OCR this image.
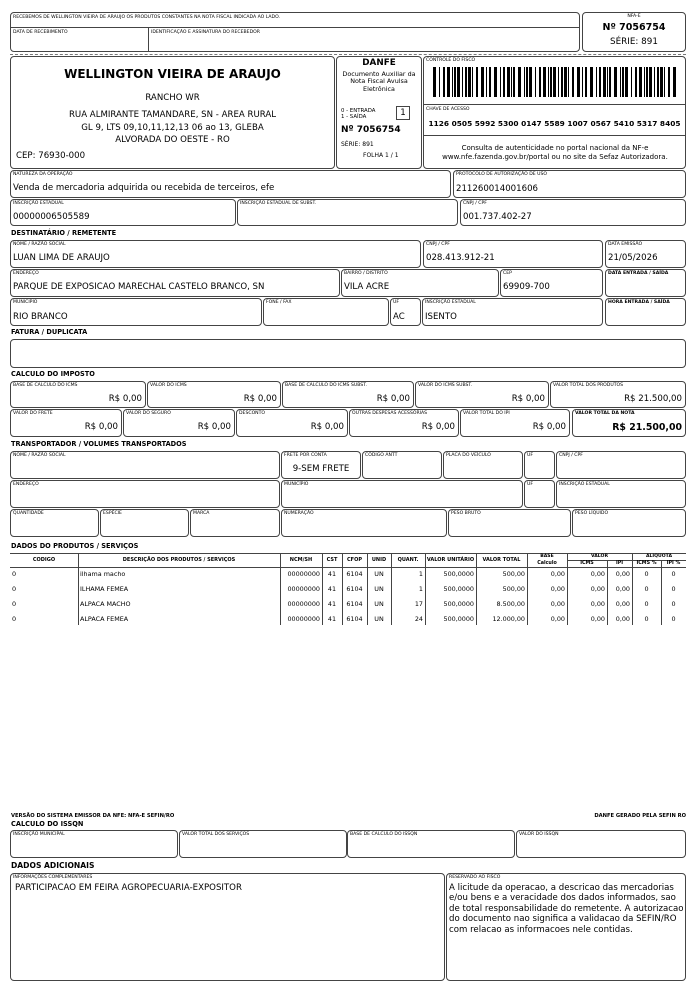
RECEBEMOS DE WELLINGTON VIEIRA DE ARAUJO OS PRODUTOS CONSTANTES NA NOTA FISCAL INDICADA AO LADO.
DATA DE RECEBIMENTO	IDENTIFICAÇÃO E ASSINATURA DO RECEBEDOR
NFA-E
Nº 7056754
SÉRIE: 891
WELLINGTON VIEIRA DE ARAUJO
RANCHO WR
RUA ALMIRANTE TAMANDARE, SN - AREA RURAL
GL 9, LTS 09,10,11,12,13 06 ao 13, GLEBA
ALVORADA DO OESTE - RO
CEP: 76930-000
DANFE
Documento Auxiliar da Nota Fiscal Avulsa Eletrônica
0 - ENTRADA
1 - SAÍDA	1
Nº 7056754
SÉRIE: 891
FOLHA 1 / 1
CONTROLE DO FISCO
CHAVE DE ACESSO
1126 0505 5992 5300 0147 5589 1007 0567 5410 5317 8405
Consulta de autenticidade no portal nacional da NF-e www.nfe.fazenda.gov.br/portal ou no site da Sefaz Autorizadora.
NATUREZA DA OPERAÇÃO
Venda de mercadoria adquirida ou recebida de terceiros, efe
PROTOCOLO DE AUTORIZAÇÃO DE USO
211260014001606
INSCRIÇÃO ESTADUAL
00000006505589
INSCRIÇÃO ESTADUAL DE SUBST.	CNPJ / CPF
001.737.402-27
DESTINATÁRIO / REMETENTE
NOME / RAZÃO SOCIAL
LUAN LIMA DE ARAUJO
CNPJ / CPF
028.413.912-21
DATA EMISSÃO
21/05/2026
ENDEREÇO
PARQUE DE EXPOSICAO MARECHAL CASTELO BRANCO, SN
BAIRRO / DISTRITO
VILA ACRE
CEP
69909-700
DATA ENTRADA / SAÍDA
MUNICIPIO
RIO BRANCO
FONE / FAX	UF
AC
INSCRIÇÃO ESTADUAL
ISENTO
HORA ENTRADA / SAÍDA
FATURA / DUPLICATA
CALCULO DO IMPOSTO
TRANSPORTADOR / VOLUMES TRANSPORTADOS
NOME / RAZÃO SOCIAL	FRETE POR CONTA
9-SEM FRETE
CÓDIGO ANTT	PLACA DO VEÍCULO	UF	CNPJ / CPF
ENDEREÇO	MUNICÍPIO	UF	INSCRIÇÃO ESTADUAL
QUANTIDADE	ESPÉCIE	MARCA	NUMERAÇÃO	PESO BRUTO	PESO LÍQUIDO
DADOS DO PRODUTOS / SERVIÇOS
BASE	VALOR	ALIQUOTA
VERSÃO DO SISTEMA EMISSOR DA NFE: NFA-E SEFIN/RO	DANFE GERADO PELA SEFIN RO
CALCULO DO ISSQN
DADOS ADICIONAIS
INFORMAÇÕES COMPLEMENTARES
PARTICIPACAO EM FEIRA AGROPECUARIA-EXPOSITOR
RESERVADO AO FISCO
A licitude da operacao, a descricao das mercadorias e/ou bens e a veracidade dos dados informados, sao de total responsabilidade do remetente. A autorizacao do documento nao significa a validacao da SEFIN/RO com relacao as informacoes nele contidas.
BASE DE CALCULO DO ICMS
R$ 0,00
VALOR DO ICMS
R$ 0,00
BASE DE CALCULO DO ICMS SUBST.
R$ 0,00
VALOR DO ICMS SUBST.
R$ 0,00
VALOR TOTAL DOS PRODUTOS
R$ 21.500,00
VALOR DO FRETE
R$ 0,00
VALOR DO SEGURO
R$ 0,00
DESCONTO
R$ 0,00
OUTRAS DESPESAS ACESSÓRIAS
R$ 0,00
VALOR TOTAL DO IPI
R$ 0,00
VALOR TOTAL DA NOTA
R$ 21.500,00
CODIGO	DESCRIÇÃO DOS PRODUTOS / SERVIÇOS	NCM/SH	CST	CFOP	UNID	QUANT.	VALOR UNITÁRIO	VALOR TOTAL
Calculo	ICMS	IPI	ICMS %	IPI %
0	ilhama macho	00000000	41	6104	UN	1	500,0000	500,00	0,00	0,00	0,00	0	0
0	ILHAMA FEMEA	00000000	41	6104	UN	1	500,0000	500,00	0,00	0,00	0,00	0	0
0	ALPACA MACHO	00000000	41	6104	UN	17	500,0000	8.500,00	0,00	0,00	0,00	0	0
0	ALPACA FEMEA	00000000	41	6104	UN	24	500,0000	12.000,00	0,00	0,00	0,00	0	0
INSCRIÇÃO MUNICIPAL	VALOR TOTAL DOS SERVIÇOS	BASE DE CALCULO DO ISSQN	VALOR DO ISSQN
